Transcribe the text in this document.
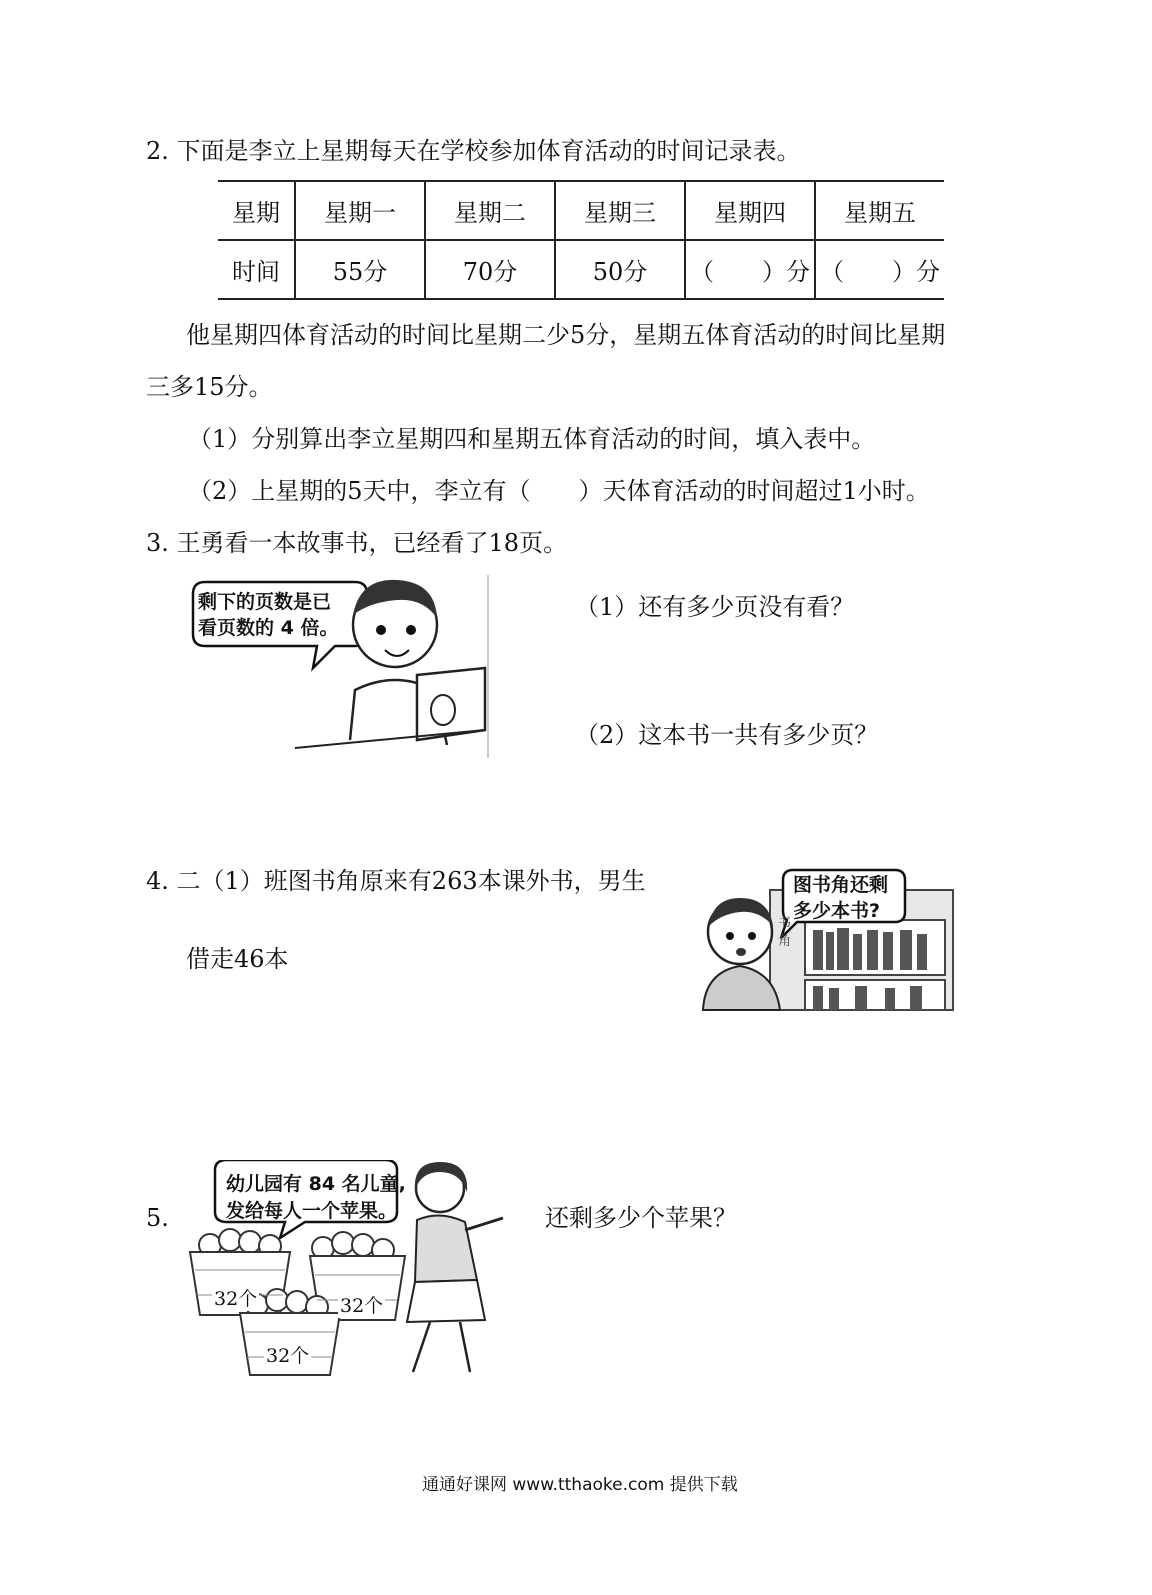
2. 下面是李立上星期每天在学校参加体育活动的时间记录表。
星期	星期一	星期二	星期三	星期四	星期五
时间	55分	70分	50分	（　　）分	（　　）分
他星期四体育活动的时间比星期二少5分，星期五体育活动的时间比星期
三多15分。
（1）分别算出李立星期四和星期五体育活动的时间，填入表中。
（2）上星期的5天中，李立有（　　）天体育活动的时间超过1小时。
3. 王勇看一本故事书，已经看了18页。
剩下的页数是已
看页数的 4 倍。
（1）还有多少页没有看？
（2）这本书一共有多少页？
4. 二（1）班图书角原来有263本课外书，男生
借走46本
图书角还剩
多少本书?
书角
5.
幼儿园有 84 名儿童,
发给每人一个苹果。
32个	32个
32个
还剩多少个苹果？
通通好课网 www.tthaoke.com 提供下载
